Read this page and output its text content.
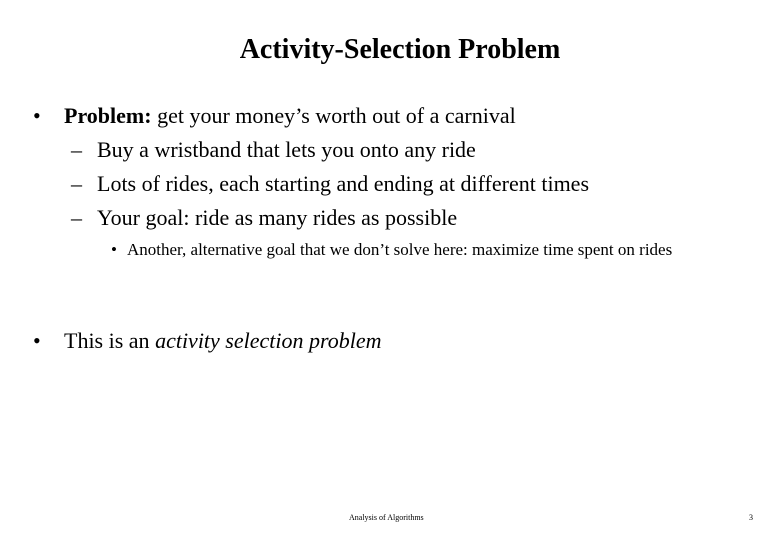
Activity-Selection Problem
• Problem: get your money’s worth out of a carnival
– Buy a wristband that lets you onto any ride
– Lots of rides, each starting and ending at different times
– Your goal: ride as many rides as possible
• Another, alternative goal that we don’t solve here: maximize time spent on rides
• This is an activity selection problem
Analysis of Algorithms	3
